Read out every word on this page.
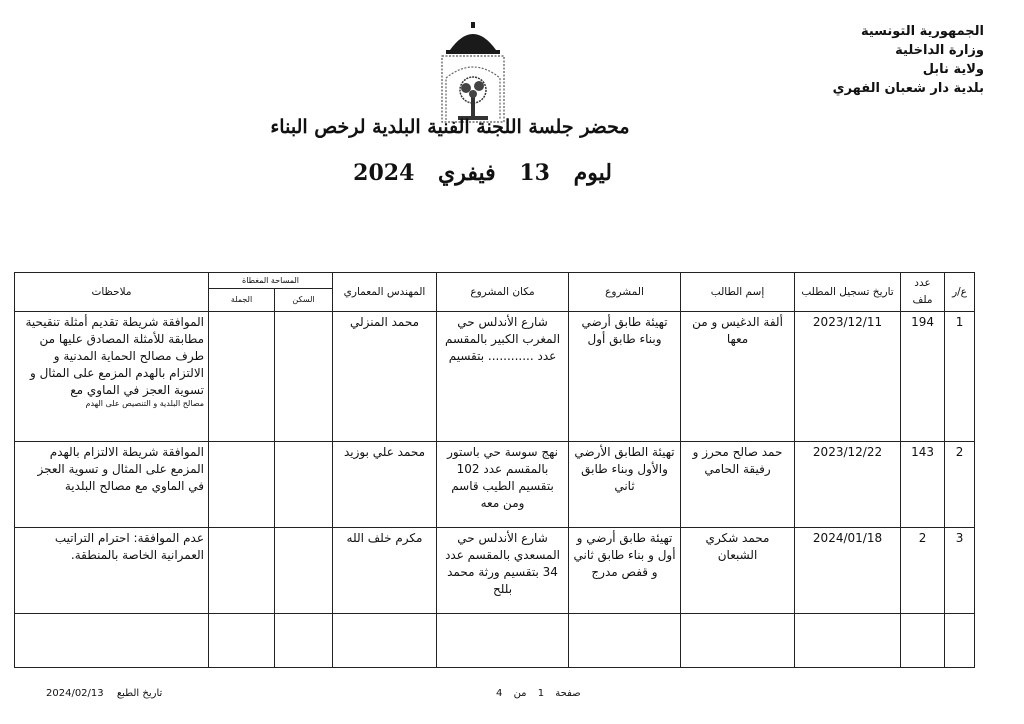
الجمهورية التونسية
وزارة الداخلية
ولاية نابل
بلدية دار شعبان الفهري
محضر جلسة اللجنة الفنية البلدية لرخص البناء
ليوم 13 فيفري 2024
ع/ر	عدد ملف	تاريخ تسجيل المطلب	إسم الطالب	المشروع	مكان المشروع	المهندس المعماري	المساحة المغطاة		ملاحظات
							السكن	الجملة	
1	194	2023/12/11	ألفة الدغيس و من معها	تهيئة طابق أرضي وبناء طابق أول	شارع الأندلس حي المغرب الكبير بالمقسم عدد ............ بتقسيم	محمد المنزلي			الموافقة شريطة تقديم أمثلة تنقيحية مطابقة للأمثلة المصادق عليها من طرف مصالح الحماية المدنية و الالتزام بالهدم المزمع على المثال و تسوية العجز في الماوي مع
مصالح البلدية و التنصيص على الهدم

2	143	2023/12/22	حمد صالح محرز و رفيقة الحامي	تهيئة الطابق الأرضي والأول وبناء طابق ثاني	نهج سوسة حي باستور بالمقسم عدد 102 بتقسيم الطيب قاسم ومن معه	محمد علي بوزيد			الموافقة شريطة الالتزام بالهدم المزمع على المثال و تسوية العجز في الماوي مع مصالح البلدية
3	2	2024/01/18	محمد شكري الشبعان	تهيئة طابق أرضي و أول و بناء طابق ثاني و قفص مدرج	شارع الأندلس حي المسعدي بالمقسم عدد 34 بتقسيم ورثة محمد بللح	مكرم خلف الله			عدم الموافقة: احترام التراتيب العمرانية الخاصة بالمنطقة.

تاريخ الطبع 2024/02/13	صفحة 1 من 4
